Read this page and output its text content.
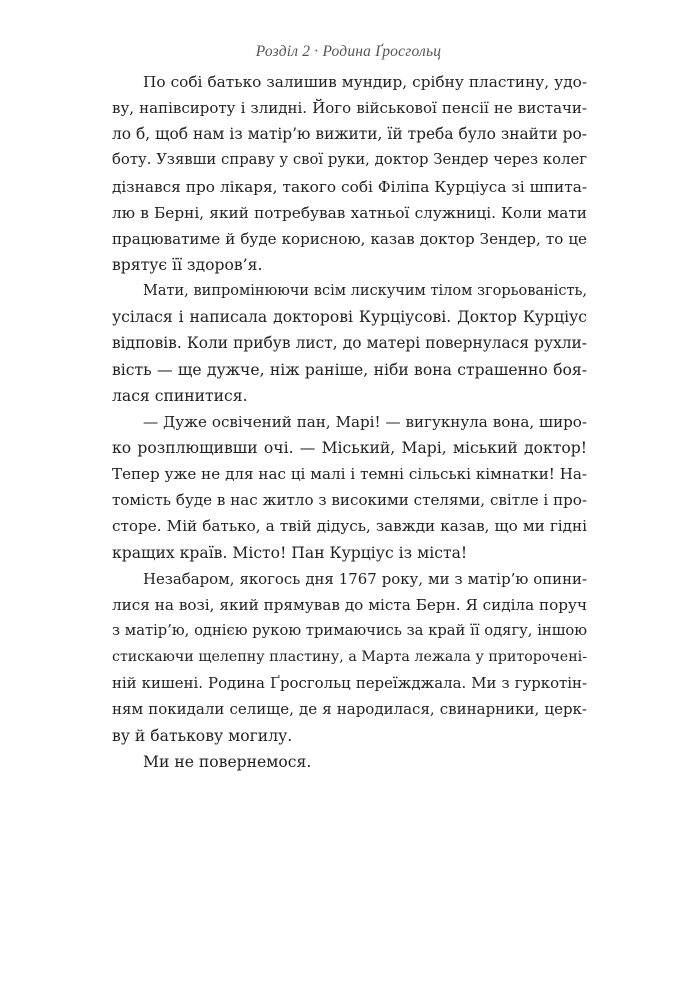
Розділ 2 · Родина Ґросгольц
По собі батько залишив мундир, срібну пластину, удо-
ву, напівсироту і злидні. Його військової пенсії не вистачи-
ло б, щоб нам із матір’ю вижити, їй треба було знайти ро-
боту. Узявши справу у свої руки, доктор Зендер через колег
дізнався про лікаря, такого собі Філіпа Курціуса зі шпита-
лю в Берні, який потребував хатньої служниці. Коли мати
працюватиме й буде корисною, казав доктор Зендер, то це
врятує її здоров’я.
Мати, випромінюючи всім лискучим тілом згорьованість,
усілася і написала докторові Курціусові. Доктор Курціус
відповів. Коли прибув лист, до матері повернулася рухли-
вість — ще дужче, ніж раніше, ніби вона страшенно боя-
лася спинитися.
— Дуже освічений пан, Марі! — вигукнула вона, широ-
ко розплющивши очі. — Міський, Марі, міський доктор!
Тепер уже не для нас ці малі і темні сільські кімнатки! На-
томість буде в нас житло з високими стелями, світле і про-
сторе. Мій батько, а твій дідусь, завжди казав, що ми гідні
кращих країв. Місто! Пан Курціус із міста!
Незабаром, якогось дня 1767 року, ми з матір’ю опини-
лися на возі, який прямував до міста Берн. Я сиділа поруч
з матір’ю, однією рукою тримаючись за край її одягу, іншою
стискаючи щелепну пластину, а Марта лежала у приторочені-
ній кишені. Родина Ґросгольц переїжджала. Ми з гуркотін-
ням покидали селище, де я народилася, свинарники, церк-
ву й батькову могилу.
Ми не повернемося.
